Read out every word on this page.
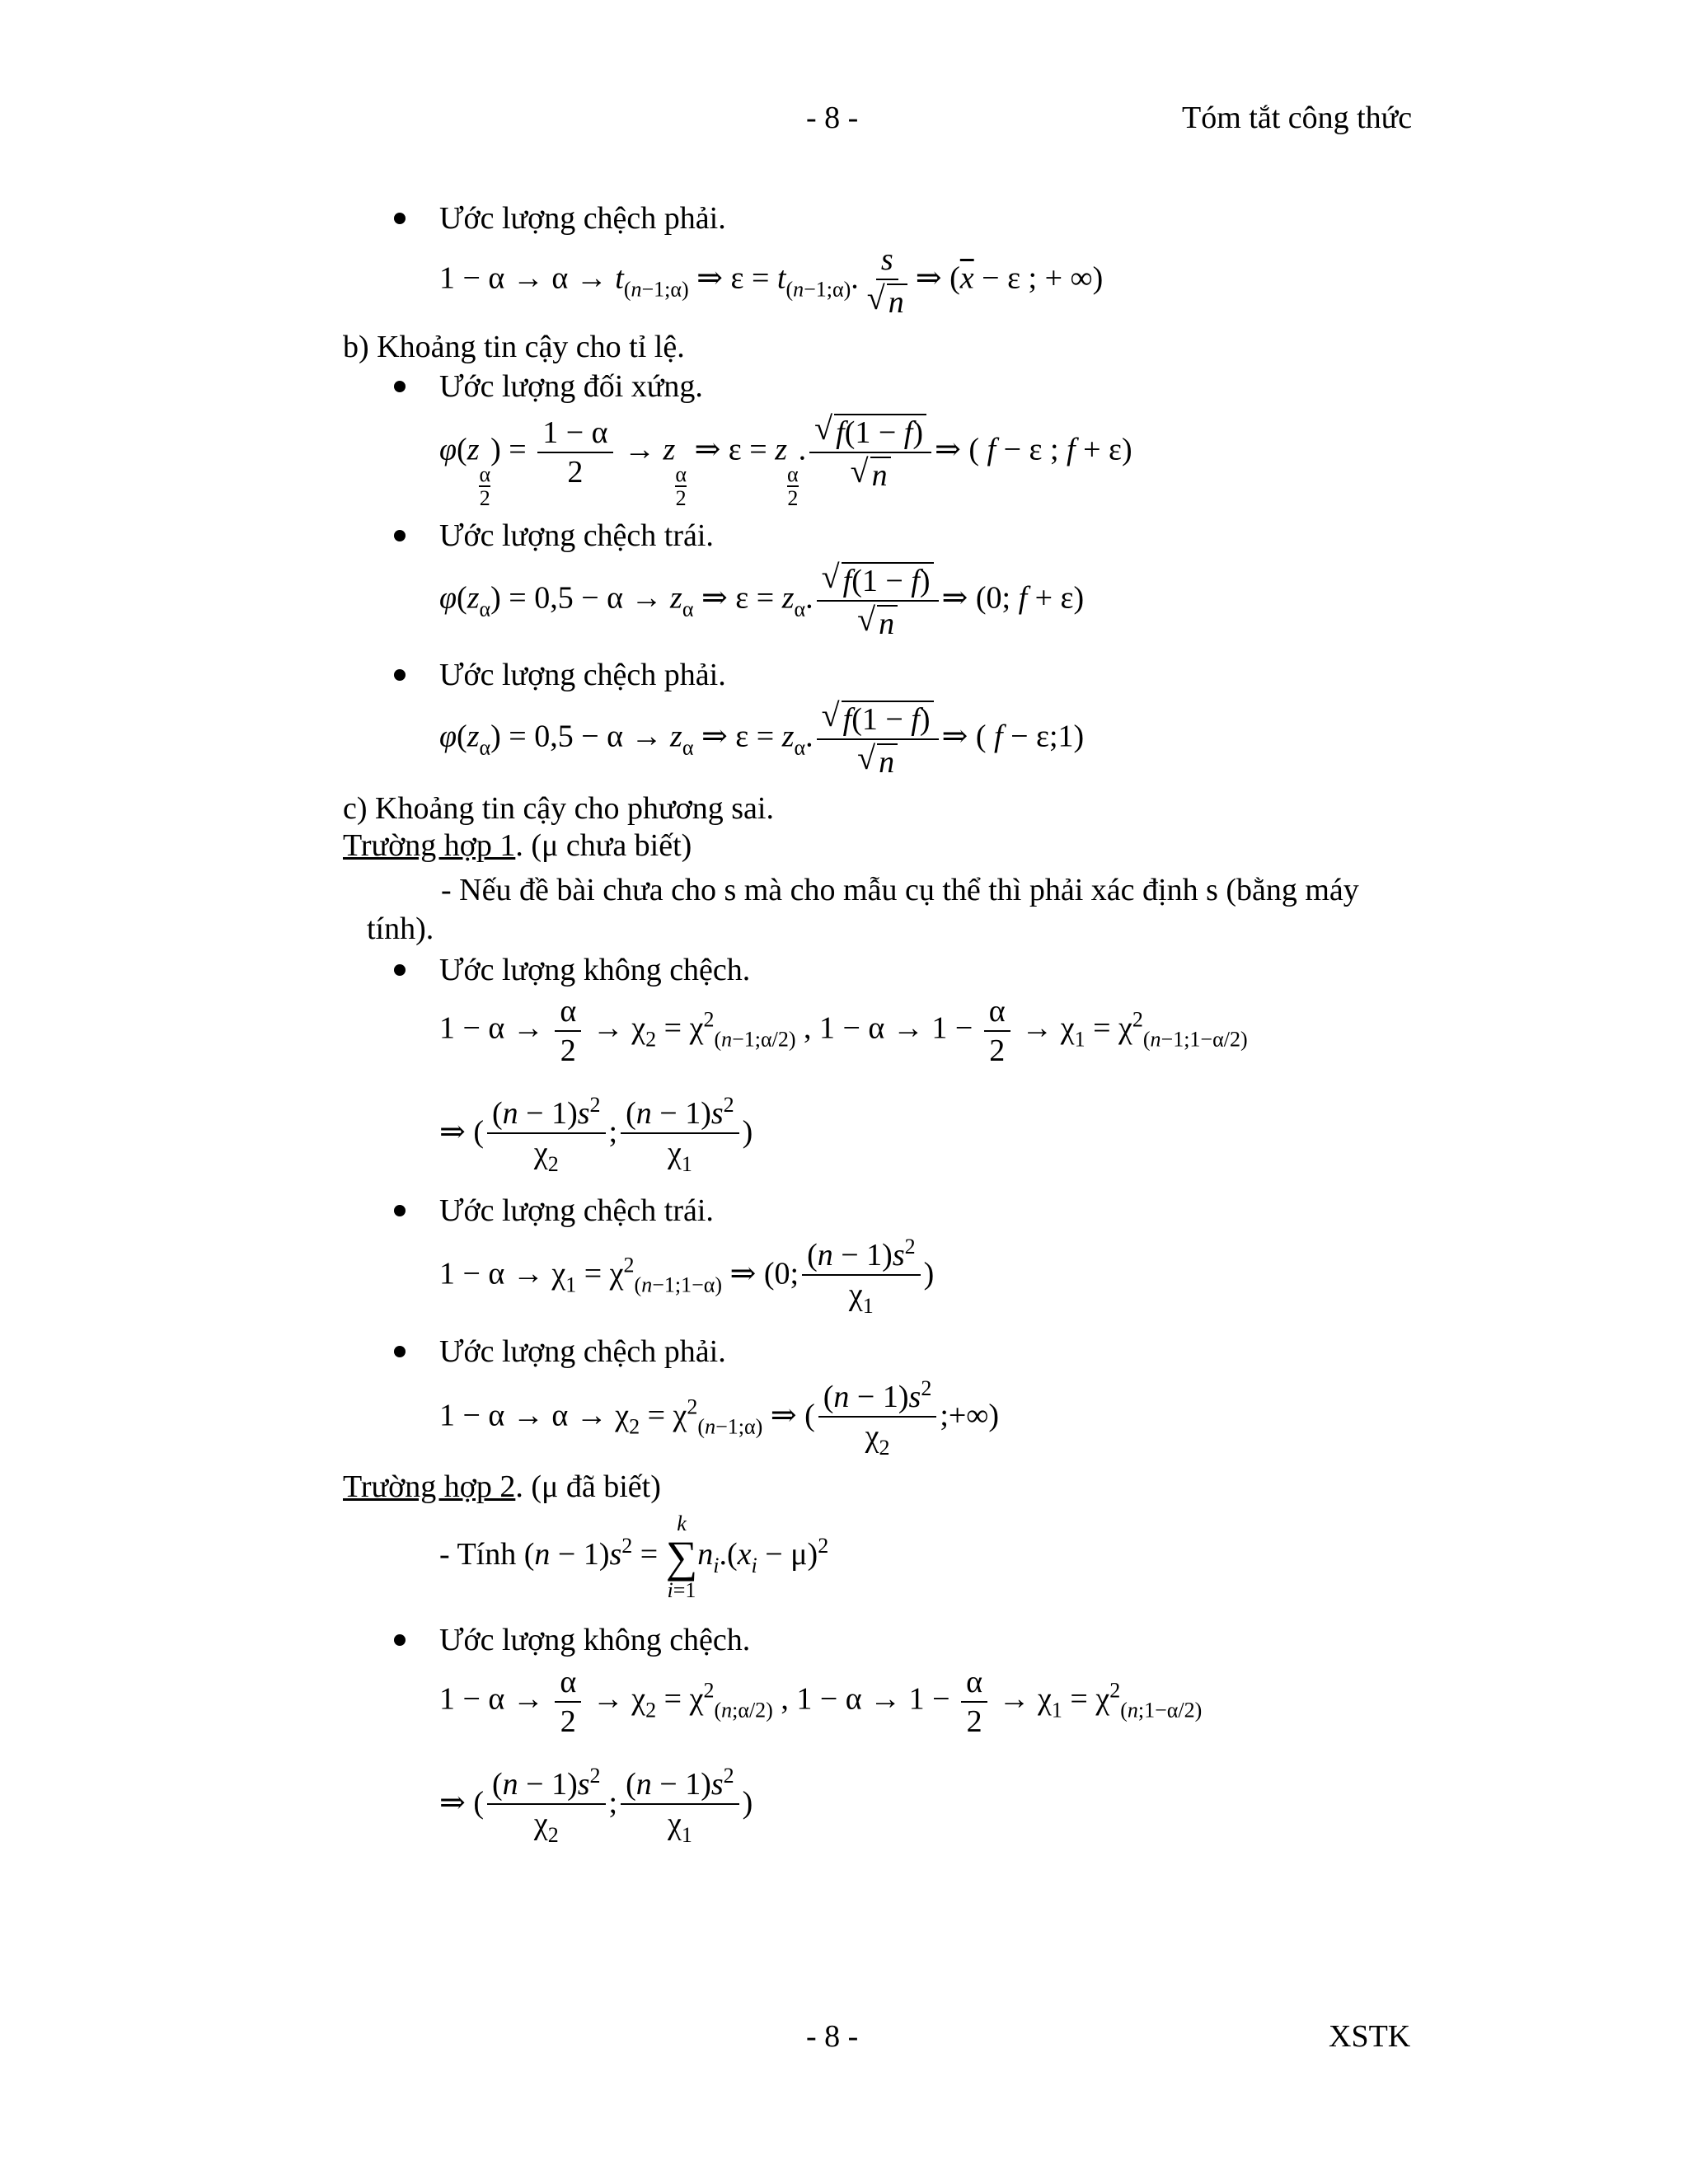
- 8 -	Tóm tắt công thức
Ước lượng chệch phải.
$1 - \alpha \to \alpha \to t_{(n-1;\alpha)}$ ⇒ $\varepsilon = t_{(n-1;\alpha)}$. s
√ n ⇒ ($\overline{x} - \varepsilon$ ; + ∞)
b) Khoảng tin cậy cho tỉ lệ.
Ước lượng đối xứng.
φ(z
$\frac{\alpha}{2}$
) = $\frac{1 - \alpha}{2} \to z$
$\frac{\alpha}{2}$
⇒ ε = z
$\frac{\alpha}{2}$
. √ f(1 − f)
√ n ⇒ ( f − ε ; f + ε)
Ước lượng chệch trái.
$\varphi(z_\alpha) = 0,5 - \alpha \to z_\alpha$ ⇒ $\varepsilon = z_\alpha$. √ f(1 − f)
√ n ⇒ (0; f + ε)
Ước lượng chệch phải.
$\varphi(z_\alpha) = 0,5 - \alpha \to z_\alpha$ ⇒ $\varepsilon = z_\alpha$. √ f(1 − f)
√ n ⇒ ( f − ε;1)
c) Khoảng tin cậy cho phương sai.
Trường hợp 1. (μ chưa biết)
- Nếu đề bài chưa cho s mà cho mẫu cụ thể thì phải xác định s (bằng máy
tính).
Ước lượng không chệch.
$1 - \alpha \to \frac{\alpha}{2} \to \chi_2 = \chi^2_{(n-1;\alpha/2)}$ , $1 - \alpha \to 1 - \frac{\alpha}{2} \to \chi_1 = \chi^2_{(n-1;1-\alpha/2)}$
⇒ ( $\frac{(n - 1)s^2}{\chi_2}$ ; $\frac{(n - 1)s^2}{\chi_1}$ )
Ước lượng chệch trái.
$1 - \alpha \to \chi_1 = \chi^2_{(n-1;1-\alpha)}$ ⇒ (0; $\frac{(n - 1)s^2}{\chi_1}$ )
Ước lượng chệch phải.
$1 - \alpha \to \alpha \to \chi_2 = \chi^2_{(n-1;\alpha)}$ ⇒ ( $\frac{(n - 1)s^2}{\chi_2}$ ;+∞)
Trường hợp 2. (μ đã biết)
- Tính $(n - 1)s^2$ =
k
∑
i=1
$n_i.(x_i - \mu)^2$
Ước lượng không chệch.
$1 - \alpha \to \frac{\alpha}{2} \to \chi_2 = \chi^2_{(n;\alpha/2)}$ , $1 - \alpha \to 1 - \frac{\alpha}{2} \to \chi_1 = \chi^2_{(n;1-\alpha/2)}$
⇒ ( $\frac{(n - 1)s^2}{\chi_2}$ ; $\frac{(n - 1)s^2}{\chi_1}$ )
- 8 -	XSTK
